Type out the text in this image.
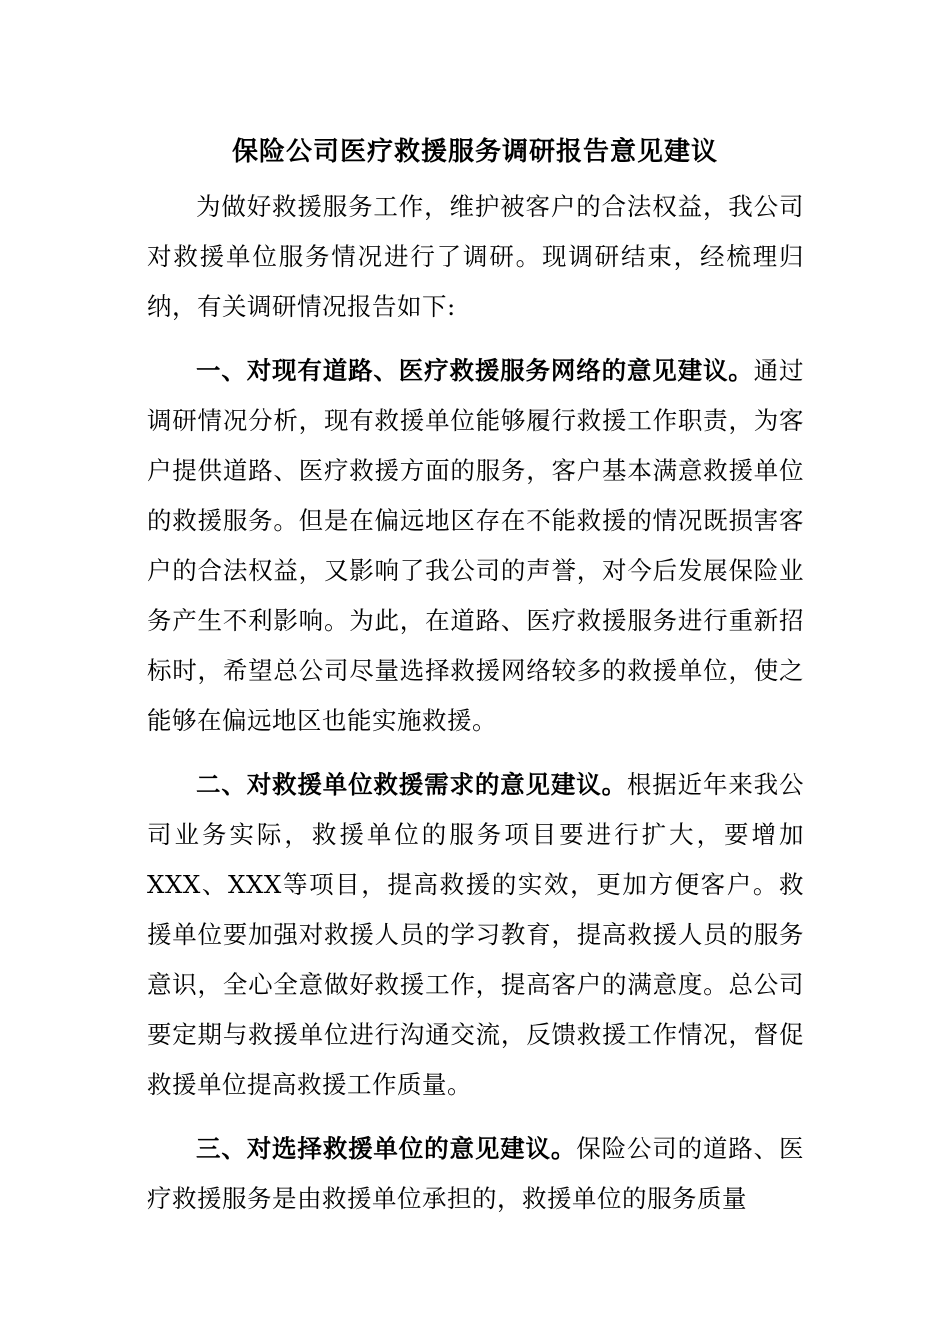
保险公司医疗救援服务调研报告意见建议

为做好救援服务工作，维护被客户的合法权益，我公司对救援单位服务情况进行了调研。现调研结束，经梳理归纳，有关调研情况报告如下:

一、对现有道路、医疗救援服务网络的意见建议。通过调研情况分析，现有救援单位能够履行救援工作职责，为客户提供道路、医疗救援方面的服务，客户基本满意救援单位的救援服务。但是在偏远地区存在不能救援的情况既损害客户的合法权益，又影响了我公司的声誉，对今后发展保险业务产生不利影响。为此，在道路、医疗救援服务进行重新招标时，希望总公司尽量选择救援网络较多的救援单位，使之能够在偏远地区也能实施救援。

二、对救援单位救援需求的意见建议。根据近年来我公司业务实际，救援单位的服务项目要进行扩大，要增加XXX、XXX等项目，提高救援的实效，更加方便客户。救援单位要加强对救援人员的学习教育，提高救援人员的服务意识，全心全意做好救援工作，提高客户的满意度。总公司要定期与救援单位进行沟通交流，反馈救援工作情况，督促救援单位提高救援工作质量。

三、对选择救援单位的意见建议。保险公司的道路、医疗救援服务是由救援单位承担的，救援单位的服务质量
